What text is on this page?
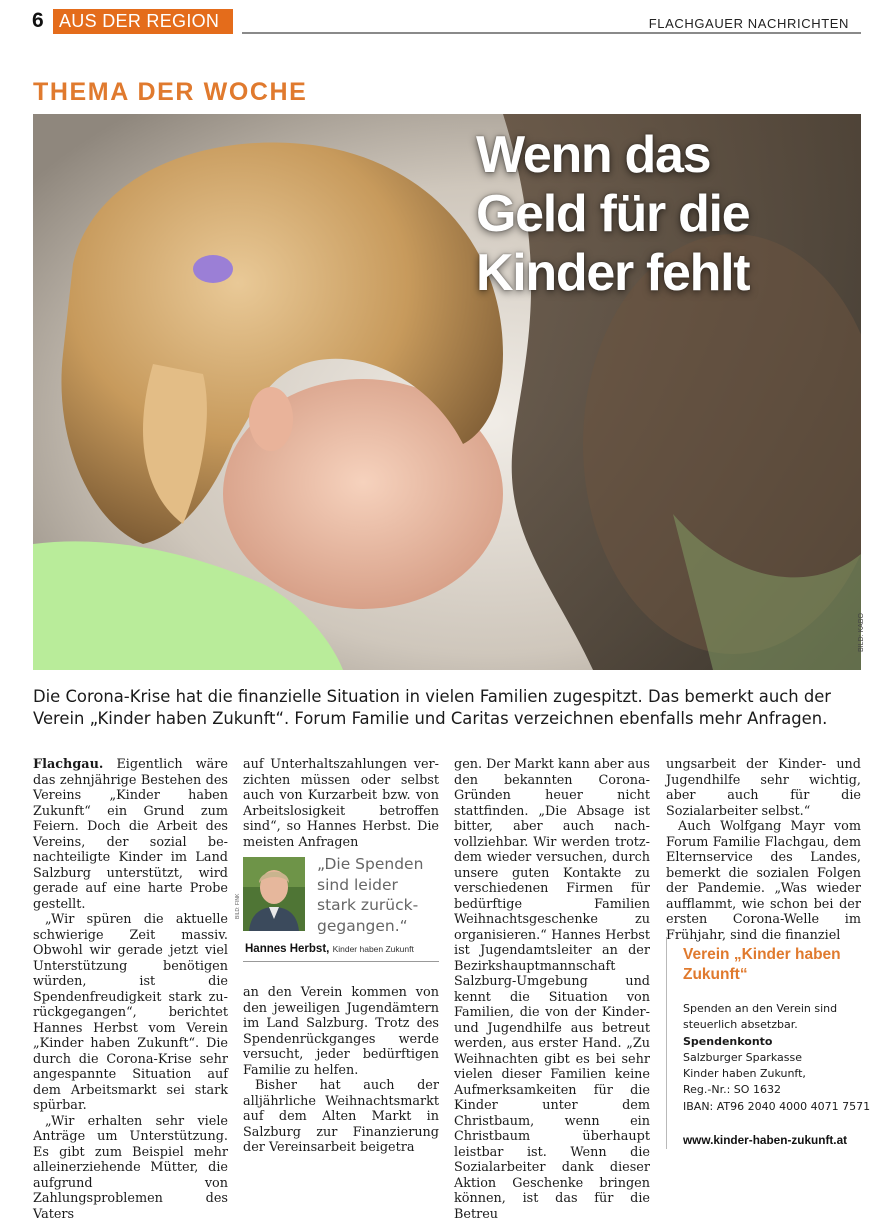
6 AUS DER REGION	FLACHGAUER NACHRICHTEN
THEMA DER WOCHE
Wenn das
Geld für die
Kinder fehlt
BILD: KABO
Die Corona-Krise hat die finanzielle Situation in vielen Familien zugespitzt. Das bemerkt auch der Verein „Kinder haben Zukunft“. Forum Familie und Caritas verzeichnen ebenfalls mehr Anfragen.

Flachgau. Eigentlich wäre das zehnjährige Bestehen des Vereins „Kinder haben Zukunft“ ein Grund zum Feiern. Doch die Arbeit des Vereins, der sozial benachteiligte Kinder im Land Salzburg unterstützt, wird gerade auf eine harte Probe gestellt.

„Wir spüren die aktuelle schwierige Zeit massiv. Obwohl wir gerade jetzt viel Unterstützung benötigen würden, ist die Spendenfreudigkeit stark zurückgegangen“, berichtet Hannes Herbst vom Verein „Kinder haben Zukunft“. Die durch die Corona-Krise sehr angespannte Situation auf dem Arbeitsmarkt sei stark spürbar.

„Wir erhalten sehr viele Anträge um Unterstützung. Es gibt zum Beispiel mehr alleinerziehende Mütter, die aufgrund von Zahlungsproblemen des Vaters

auf Unterhaltszahlungen verzichten müssen oder selbst auch von Kurzarbeit bzw. von Arbeitslosigkeit betroffen sind“, so Hannes Herbst. Die meisten Anfragen

BILD: FINK
„Die Spenden sind leider stark zurückgegangen.“
Hannes Herbst, Kinder haben Zukunft

an den Verein kommen von den jeweiligen Jugendämtern im Land Salzburg. Trotz des Spendenrückganges werde versucht, jeder bedürftigen Familie zu helfen.

Bisher hat auch der alljährliche Weihnachtsmarkt auf dem Alten Markt in Salzburg zur Finanzierung der Vereinsarbeit beigetra

gen. Der Markt kann aber aus den bekannten Corona-Gründen heuer nicht stattfinden. „Die Absage ist bitter, aber auch nachvollziehbar. Wir werden trotzdem wieder versuchen, durch unsere guten Kontakte zu verschiedenen Firmen für bedürftige Familien Weihnachtsgeschenke zu organisieren.“ Hannes Herbst ist Jugendamtsleiter an der Bezirkshauptmannschaft Salzburg-Umgebung und kennt die Situation von Familien, die von der Kinder- und Jugendhilfe aus betreut werden, aus erster Hand. „Zu Weihnachten gibt es bei sehr vielen dieser Familien keine Aufmerksamkeiten für die Kinder unter dem Christbaum, wenn ein Christbaum überhaupt leistbar ist. Wenn die Sozialarbeiter dank dieser Aktion Geschenke bringen können, ist das für die Betreu

ungsarbeit der Kinder- und Jugendhilfe sehr wichtig, aber auch für die Sozialarbeiter selbst.“

Auch Wolfgang Mayr vom Forum Familie Flachgau, dem Elternservice des Landes, bemerkt die sozialen Folgen der Pandemie. „Was wieder aufflammt, wie schon bei der ersten Corona-Welle im Frühjahr, sind die finanziel

Verein „Kinder haben Zukunft“
Spenden an den Verein sind
steuerlich absetzbar.
Spendenkonto
Salzburger Sparkasse
Kinder haben Zukunft,
Reg.-Nr.: SO 1632
IBAN: AT96 2040 4000 4071 7571
www.kinder-haben-zukunft.at
